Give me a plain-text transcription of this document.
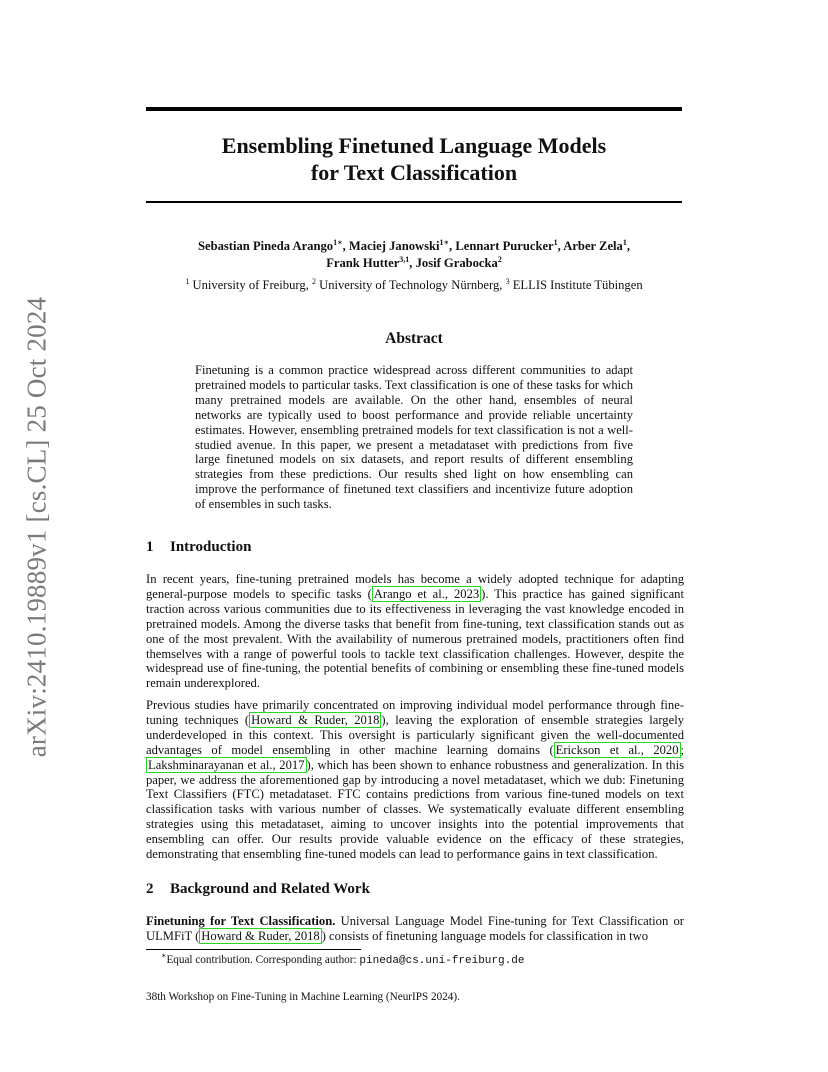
arXiv:2410.19889v1 [cs.CL] 25 Oct 2024
Ensembling Finetuned Language Models
for Text Classification
Sebastian Pineda Arango$^{1∗}$, Maciej Janowski$^{1∗}$, Lennart Purucker$^1$, Arber Zela$^1$,
Frank Hutter$^{3,1}$, Josif Grabocka$^2$
$^1$ University of Freiburg, $^2$ University of Technology Nürnberg, $^3$ ELLIS Institute Tübingen
Abstract

Finetuning is a common practice widespread across different communities to adapt pretrained models to particular tasks. Text classification is one of these tasks for which many pretrained models are available. On the other hand, ensembles of neural networks are typically used to boost performance and provide reliable uncertainty estimates. However, ensembling pretrained models for text classification is not a well-studied avenue. In this paper, we present a metadataset with predictions from five large finetuned models on six datasets, and report results of different ensembling strategies from these predictions. Our results shed light on how ensembling can improve the performance of finetuned text classifiers and incentivize future adoption of ensembles in such tasks.

1 Introduction

In recent years, fine-tuning pretrained models has become a widely adopted technique for adapting general-purpose models to specific tasks ( Arango et al., 2023 ). This practice has gained significant traction across various communities due to its effectiveness in leveraging the vast knowledge encoded in pretrained models. Among the diverse tasks that benefit from fine-tuning, text classification stands out as one of the most prevalent. With the availability of numerous pretrained models, practitioners often find themselves with a range of powerful tools to tackle text classification challenges. However, despite the widespread use of fine-tuning, the potential benefits of combining or ensembling these fine-tuned models remain underexplored.

Previous studies have primarily concentrated on improving individual model performance through fine-tuning techniques ( Howard & Ruder, 2018 ), leaving the exploration of ensemble strategies largely underdeveloped in this context. This oversight is particularly significant given the well-documented advantages of model ensembling in other machine learning domains ( Erickson et al., 2020 ; Lakshminarayanan et al., 2017 ), which has been shown to enhance robustness and generalization. In this paper, we address the aforementioned gap by introducing a novel metadataset, which we dub: Finetuning Text Classifiers (FTC) metadataset. FTC contains predictions from various fine-tuned models on text classification tasks with various number of classes. We systematically evaluate different ensembling strategies using this metadataset, aiming to uncover insights into the potential improvements that ensembling can offer. Our results provide valuable evidence on the efficacy of these strategies, demonstrating that ensembling fine-tuned models can lead to performance gains in text classification.

2 Background and Related Work

Finetuning for Text Classification. Universal Language Model Fine-tuning for Text Classification or ULMFiT ( Howard & Ruder, 2018 ) consists of finetuning language models for classification in two

∗Equal contribution. Corresponding author: pineda@cs.uni-freiburg.de
38th Workshop on Fine-Tuning in Machine Learning (NeurIPS 2024).
